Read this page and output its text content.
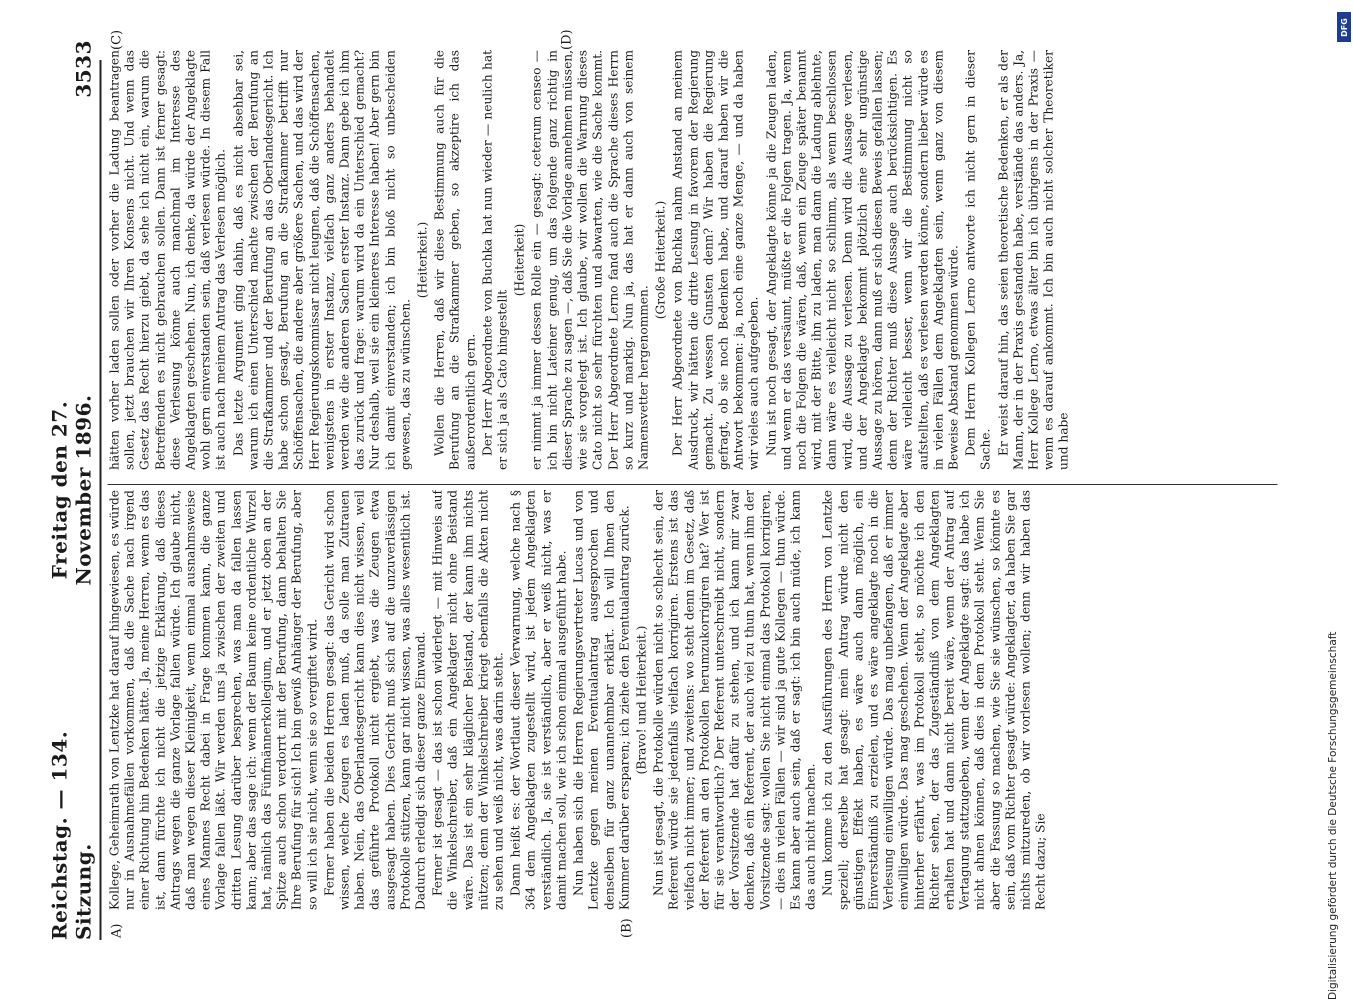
Reichstag. — 134. Sitzung.
Freitag den 27. November 1896.
3533
A)	(B)
(C)	(D)

Kollege, Geheimrath von Lentzke hat darauf hingewiesen, es würde nur in Ausnahmefällen vorkommen, daß die Sache nach irgend einer Richtung hin Bedenken hätte. Ja, meine Herren, wenn es das ist, dann fürchte ich nicht die jetzige Erklärung, daß dieses Antrags wegen die ganze Vorlage fallen würde. Ich glaube nicht, daß man wegen dieser Kleinigkeit, wenn einmal ausnahmsweise eines Mannes Recht dabei in Frage kommen kann, die ganze Vorlage fallen läßt. Wir werden uns ja zwischen der zweiten und dritten Lesung darüber besprechen, was man da fallen lassen kann; aber das sage ich: wenn der Baum keine ordentliche Wurzel hat, nämlich das Fünfmännerkollegium, und er jetzt oben an der Spitze auch schon verdorrt mit der Berufung, dann behalten Sie Ihre Berufung für sich! Ich bin gewiß Anhänger der Berufung, aber so will ich sie nicht, wenn sie so vergiftet wird. Ferner haben die beiden Herren gesagt: das Gericht wird schon wissen, welche Zeugen es laden muß, da solle man Zutrauen haben. Nein, das Oberlandesgericht kann dies nicht wissen, weil das geführte Protokoll nicht ergiebt, was die Zeugen etwa ausgesagt haben. Dies Gericht muß sich auf die unzuverlässigen Protokolle stützen, kann gar nicht wissen, was alles wesentlich ist. Dadurch erledigt sich dieser ganze Einwand. Ferner ist gesagt — das ist schon widerlegt — mit Hinweis auf die Winkelschreiber, daß ein Angeklagter nicht ohne Beistand wäre. Das ist ein sehr kläglicher Beistand, der kann ihm nichts nützen; denn der Winkelschreiber kriegt ebenfalls die Akten nicht zu sehen und weiß nicht, was darin steht. Dann heißt es: der Wortlaut dieser Verwarnung, welche nach § 364 dem Angeklagten zugestellt wird, ist jedem Angeklagten verständlich. Ja, sie ist verständlich, aber er weiß nicht, was er damit machen soll, wie ich schon einmal ausgeführt habe. Nun haben sich die Herren Regierungsvertreter Lucas und von Lentzke gegen meinen Eventualantrag ausgesprochen und denselben für ganz unannehmbar erklärt. Ich will Ihnen den Kummer darüber ersparen; ich ziehe den Eventualantrag zurück. (Bravo! und Heiterkeit.) Nun ist gesagt, die Protokolle würden nicht so schlecht sein, der Referent würde sie jedenfalls vielfach korrigiren. Erstens ist das vielfach nicht immer; und zweitens: wo steht denn im Gesetz, daß der Referent an den Protokollen herumzukorrigiren hat? Wer ist für sie verantwortlich? Der Referent unterschreibt nicht, sondern der Vorsitzende hat dafür zu stehen, und ich kann mir zwar denken, daß ein Referent, der auch viel zu thun hat, wenn ihm der Vorsitzende sagt: wollen Sie nicht einmal das Protokoll korrigiren, — dies in vielen Fällen — wir sind ja gute Kollegen — thun würde. Es kann aber auch sein, daß er sagt: ich bin auch müde, ich kann das auch nicht machen. Nun komme ich zu den Ausführungen des Herrn von Lentzke speziell; derselbe hat gesagt: mein Antrag würde nicht den günstigen Effekt haben, es wäre auch dann möglich, ein Einverständniß zu erzielen, und es wäre angeklagte noch in die Verlesung einwilligen würde. Das mag unbefangen, daß er immer einwilligen würde. Das mag geschehen. Wenn der Angeklagte aber hinterher erfährt, was im Protokoll steht, so möchte ich den Richter sehen, der das Zugeständniß von dem Angeklagten erhalten hat und dann nicht bereit wäre, wenn der Antrag auf Vertagung stattzugeben, wenn der Angeklagte sagt: das habe ich nicht ahnen können, daß dies in dem Protokoll steht. Wenn Sie aber die Fassung so machen, wie Sie sie wünschen, so könnte es sein, daß vom Richter gesagt würde: Angeklagter, da haben Sie gar nichts mitzureden, ob wir vorlesen wollen; denn wir haben das Recht dazu; Sie

hätten vorher laden sollen oder vorher die Ladung beantragen sollen, jetzt brauchen wir Ihren Konsens nicht. Und wenn das Gesetz das Recht hierzu giebt, da sehe ich nicht ein, warum die Betreffenden es nicht gebrauchen sollen. Dann ist ferner gesagt: diese Verlesung könne auch manchmal im Interesse des Angeklagten geschehen. Nun, ich denke, da würde der Angeklagte wohl gern einverstanden sein, daß verlesen würde. In diesem Fall ist auch nach meinem Antrag das Verlesen möglich. Das letzte Argument ging dahin, daß es nicht absehbar sei, warum ich einen Unterschied machte zwischen der Berufung an die Strafkammer und der Berufung an das Oberlandesgericht. Ich habe schon gesagt, Berufung an die Strafkammer betrifft nur Schöffensachen, die andere aber größere Sachen, und das wird der Herr Regierungskommissar nicht leugnen, daß die Schöffensachen, wenigstens in erster Instanz, vielfach ganz anders behandelt werden wie die anderen Sachen erster Instanz. Dann gebe ich ihm das zurück und frage: warum wird da ein Unterschied gemacht? Nur deshalb, weil sie ein kleineres Interesse haben! Aber gern bin ich damit einverstanden; ich bin bloß nicht so unbescheiden gewesen, das zu wünschen.

(Heiterkeit.) Wollen die Herren, daß wir diese Bestimmung auch für die Berufung an die Strafkammer geben, so akzeptire ich das außerordentlich gern. Der Herr Abgeordnete von Buchka hat nun wieder — neulich hat er sich ja als Cato hingestellt

(Heiterkeit) er nimmt ja immer dessen Rolle ein — gesagt: ceterum censeo — ich bin nicht Lateiner genug, um das folgende ganz richtig in dieser Sprache zu sagen —, daß Sie die Vorlage annehmen müssen, wie sie vorgelegt ist. Ich glaube, wir wollen die Warnung dieses Cato nicht so sehr fürchten und abwarten, wie die Sache kommt. Der Herr Abgeordnete Lerno fand auch die Sprache dieses Herrn so kurz und markig. Nun ja, das hat er dann auch von seinem Namensvetter hergenommen.

(Große Heiterkeit.) Der Herr Abgeordnete von Buchka nahm Anstand an meinem Ausdruck, wir hätten die dritte Lesung in favorem der Regierung gemacht. Zu wessen Gunsten denn? Wir haben die Regierung gefragt, ob sie noch Bedenken habe, und darauf haben wir die Antwort bekommen: ja, noch eine ganze Menge, — und da haben wir vieles auch aufgegeben. Nun ist noch gesagt, der Angeklagte könne ja die Zeugen laden, und wenn er das versäumt, müßte er die Folgen tragen. Ja, wenn noch die Folgen die wären, daß, wenn ein Zeuge später benannt wird, mit der Bitte, ihn zu laden, man dann die Ladung ablehnte, dann wäre es vielleicht nicht so schlimm, als wenn beschlossen wird, die Aussage zu verlesen. Denn wird die Aussage verlesen, und der Angeklagte bekommt plötzlich eine sehr ungünstige Aussage zu hören, dann muß er sich diesen Beweis gefallen lassen; denn der Richter muß diese Aussage auch berücksichtigen. Es wäre vielleicht besser, wenn wir die Bestimmung nicht so aufstellten, daß es verlesen werden könne, sondern lieber würde es in vielen Fällen dem Angeklagten sein, wenn ganz von diesem Beweise Abstand genommen würde. Dem Herrn Kollegen Lerno antworte ich nicht gern in dieser Sache. Er weist darauf hin, das seien theoretische Bedenken, er als der Mann, der in der Praxis gestanden habe, verstände das anders. Ja, Herr Kollege Lerno, etwas älter bin ich übrigens in der Praxis — wenn es darauf ankommt. Ich bin auch nicht solcher Theoretiker und habe

Digitalisierung gefördert durch die Deutsche Forschungsgemeinschaft
DFG
